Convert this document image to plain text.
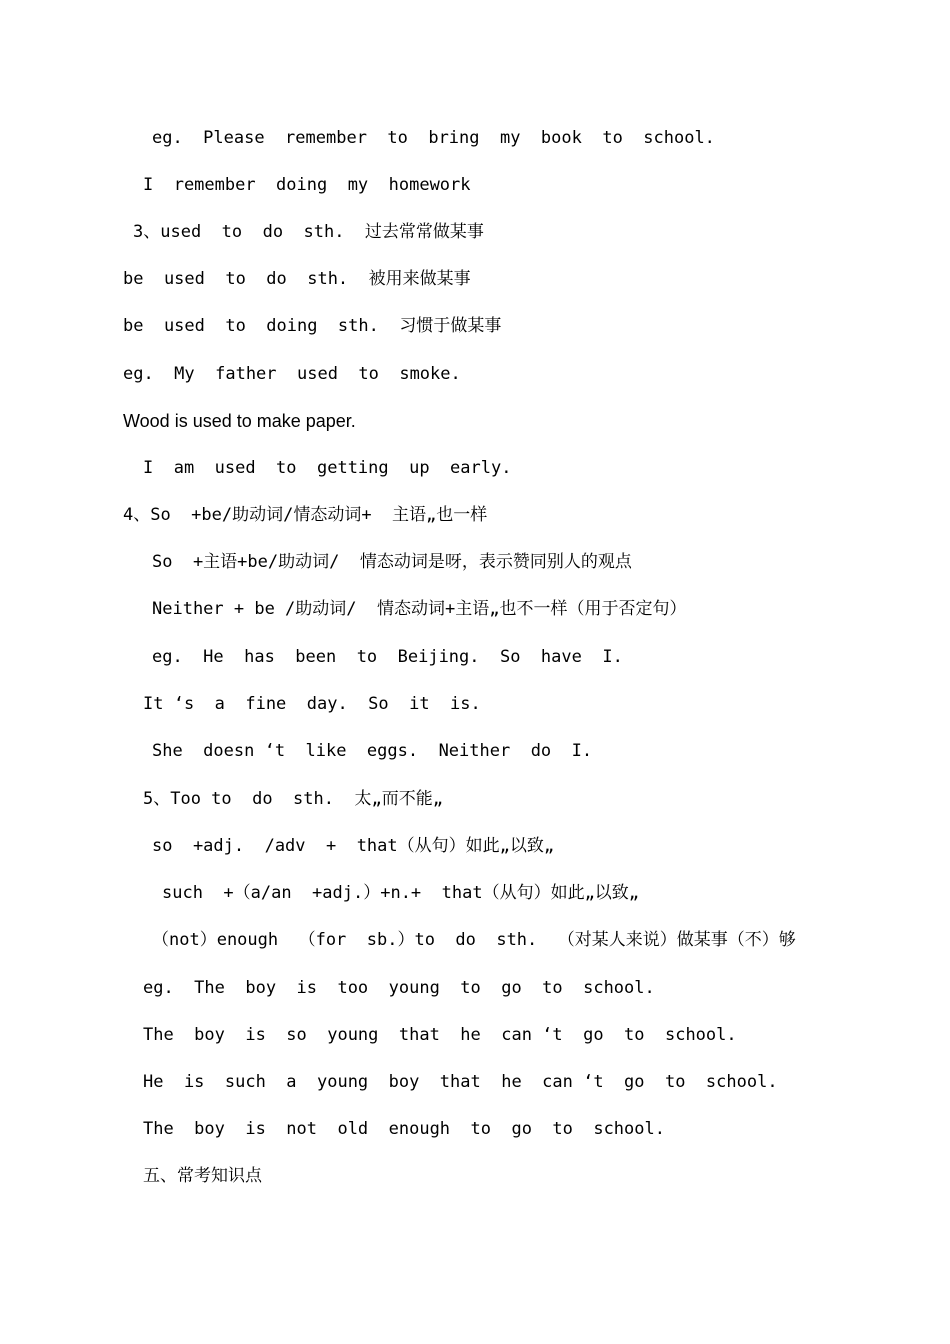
eg.  Please  remember  to  bring  my  book  to  school.
I  remember  doing  my  homework
3、used  to  do  sth.  过去常常做某事
be  used  to  do  sth.  被用来做某事
be  used  to  doing  sth.  习惯于做某事
eg.  My  father  used  to  smoke.
Wood is used to make paper.
I  am  used  to  getting  up  early.
4、So  +be/助动词/情态动词+  主语„也一样
So  +主语+be/助动词/  情态动词是呀，表示赞同别人的观点
Neither + be /助动词/  情态动词+主语„也不一样（用于否定句）
eg.  He  has  been  to  Beijing.  So  have  I.
It ‘s  a  fine  day.  So  it  is.
She  doesn ‘t  like  eggs.  Neither  do  I.
5、Too to  do  sth.  太„而不能„
so  +adj.  /adv  +  that（从句）如此„以致„
such  +（a/an  +adj.）+n.+  that（从句）如此„以致„
（not）enough  （for  sb.）to  do  sth.  （对某人来说）做某事（不）够
eg.  The  boy  is  too  young  to  go  to  school.
The  boy  is  so  young  that  he  can ‘t  go  to  school.
He  is  such  a  young  boy  that  he  can ‘t  go  to  school.
The  boy  is  not  old  enough  to  go  to  school.
五、常考知识点
